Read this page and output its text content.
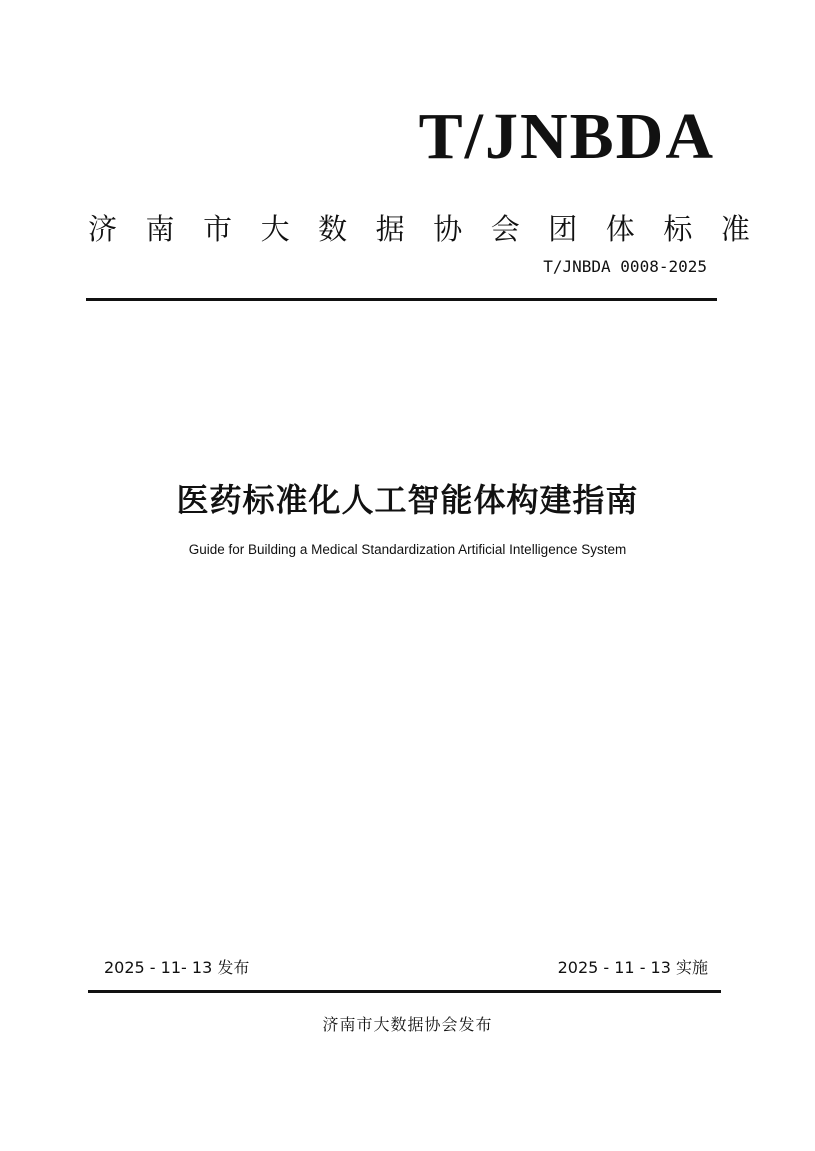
T/JNBDA
济 南 市 大 数 据 协 会 团 体 标 准
T/JNBDA 0008-2025
医药标准化人工智能体构建指南
Guide for Building a Medical Standardization Artificial Intelligence System
2025 - 11- 13 发布	2025 - 11 - 13 实施
济南市大数据协会发布
